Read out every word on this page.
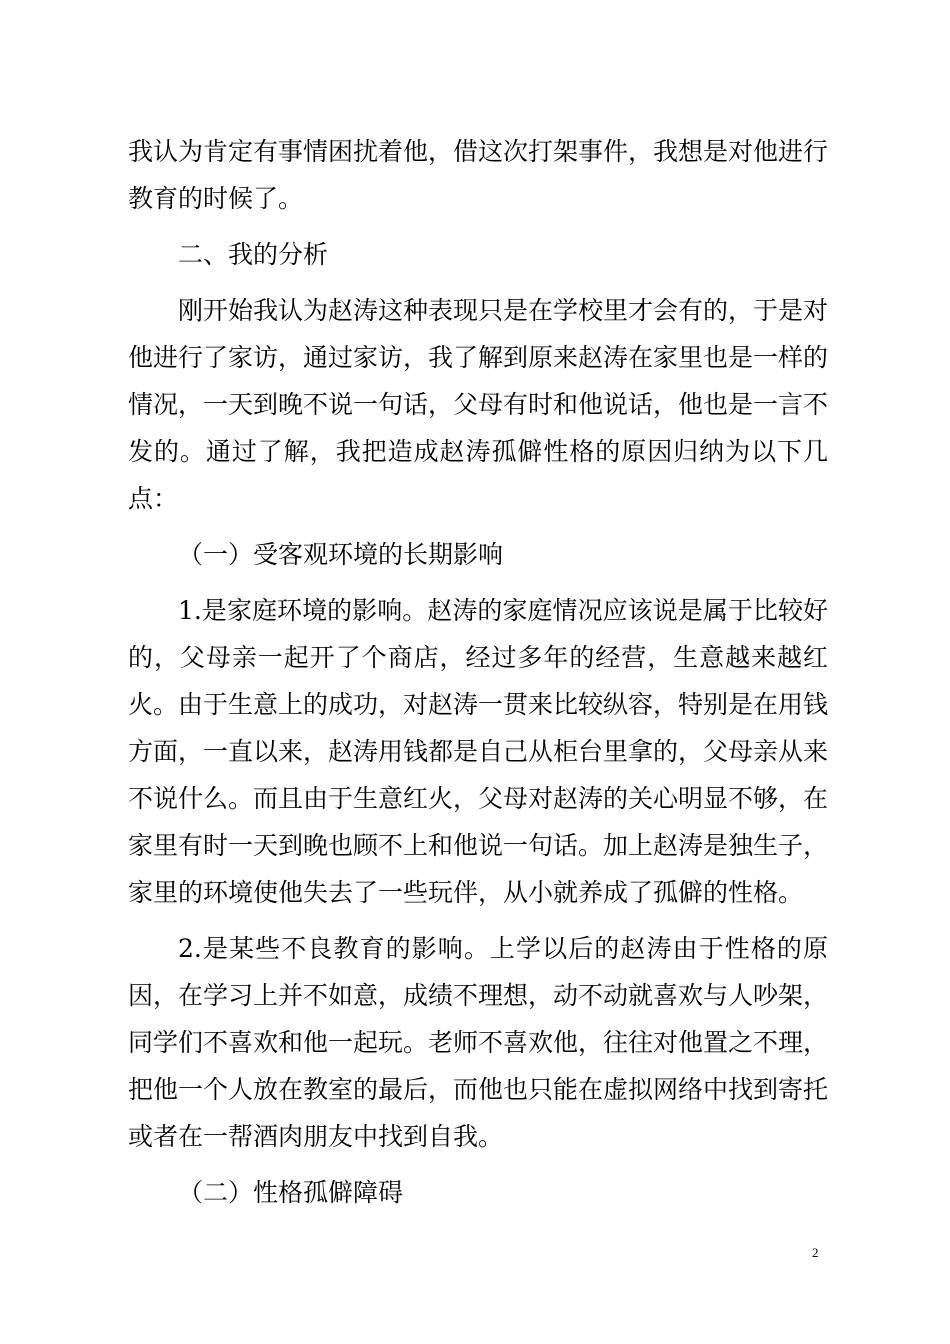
我认为肯定有事情困扰着他，借这次打架事件，我想是对他进行教育的时候了。

二、我的分析

刚开始我认为赵涛这种表现只是在学校里才会有的，于是对他进行了家访，通过家访，我了解到原来赵涛在家里也是一样的情况，一天到晚不说一句话，父母有时和他说话，他也是一言不发的。通过了解，我把造成赵涛孤僻性格的原因归纳为以下几点：

（一）受客观环境的长期影响

1.是家庭环境的影响。赵涛的家庭情况应该说是属于比较好的，父母亲一起开了个商店，经过多年的经营，生意越来越红火。由于生意上的成功，对赵涛一贯来比较纵容，特别是在用钱方面，一直以来，赵涛用钱都是自己从柜台里拿的，父母亲从来不说什么。而且由于生意红火，父母对赵涛的关心明显不够，在家里有时一天到晚也顾不上和他说一句话。加上赵涛是独生子，家里的环境使他失去了一些玩伴，从小就养成了孤僻的性格。

2.是某些不良教育的影响。上学以后的赵涛由于性格的原因，在学习上并不如意，成绩不理想，动不动就喜欢与人吵架，同学们不喜欢和他一起玩。老师不喜欢他，往往对他置之不理，把他一个人放在教室的最后，而他也只能在虚拟网络中找到寄托或者在一帮酒肉朋友中找到自我。

（二）性格孤僻障碍

2
